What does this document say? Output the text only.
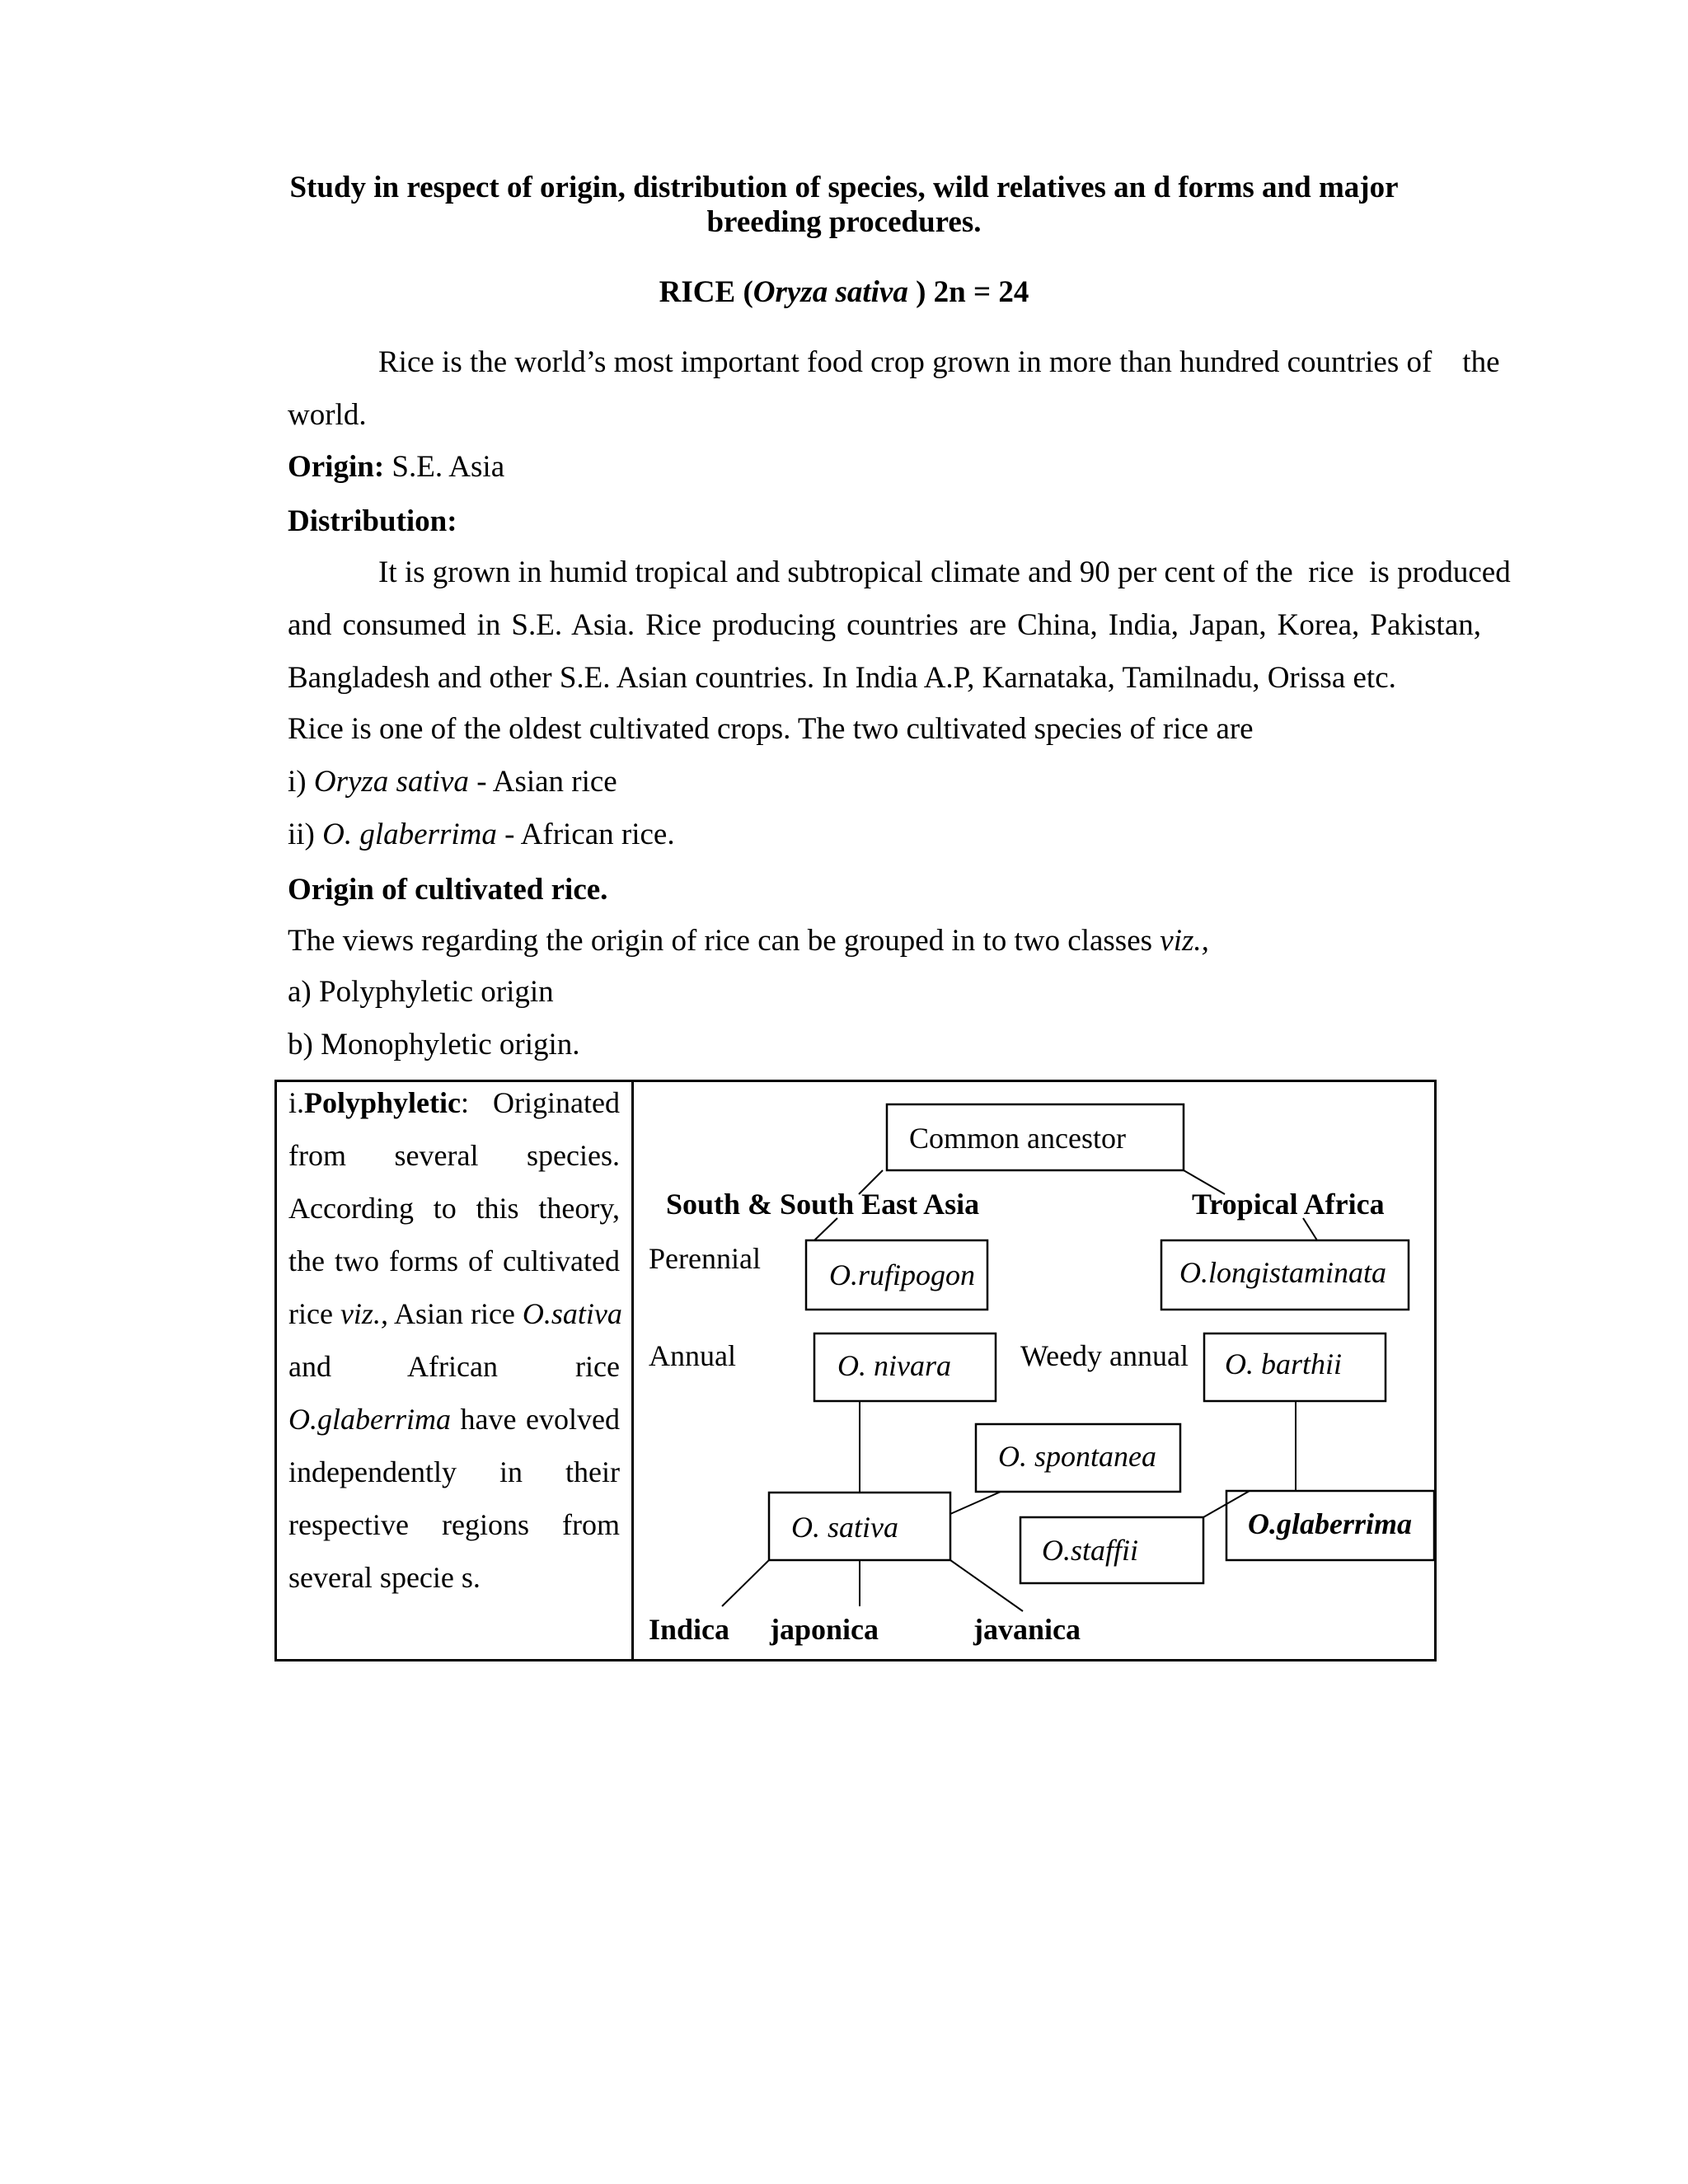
Study in respect of origin, distribution of species, wild relatives an d forms and major
breeding procedures.
RICE (Oryza sativa ) 2n = 24
Rice is the world’s most important food crop grown in more than hundred countries of    the
world.
Origin: S.E. Asia
Distribution:
It is grown in humid tropical and subtropical climate and 90 per cent of the  rice  is produced
and consumed in S.E. Asia. Rice producing countries are China, India, Japan, Korea, Pakistan,
Bangladesh and other S.E. Asian countries. In India A.P, Karnataka, Tamilnadu, Orissa etc.
Rice is one of the oldest cultivated crops. The two cultivated species of rice are
i) Oryza sativa - Asian rice
ii) O. glaberrima - African rice.
Origin of cultivated rice.
The views regarding the origin of rice can be grouped in to two classes viz.,
a) Polyphyletic origin
b) Monophyletic origin.
i.Polyphyletic:  Originated
from several species.
According to this theory,
the two forms of cultivated
rice viz., Asian rice O.sativa
and African rice
O.glaberrima have evolved
independently in their
respective regions from
several specie s.
Common ancestor
South & South East Asia	Tropical Africa
Perennial
Annual	Weedy annual
O.rufipogon	O.longistaminata
O. nivara	O. barthii
O. spontanea
O. sativa
O.staffii
O.glaberrima
Indica japonica	javanica
